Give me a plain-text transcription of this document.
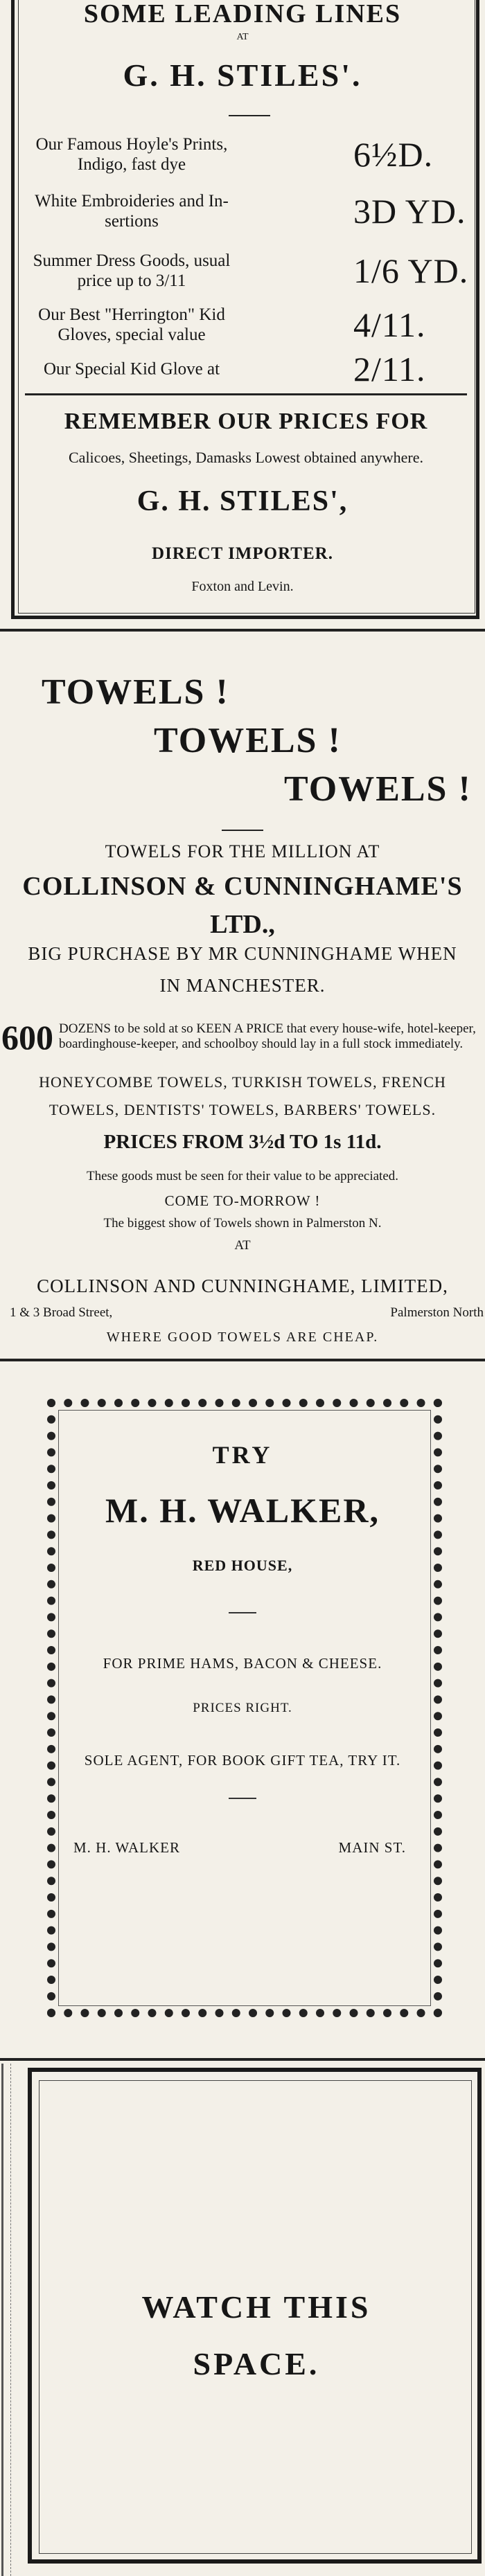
SOME LEADING LINES
AT
G. H. STILES'.
Our Famous Hoyle's Prints, Indigo, fast dye	6½D.
White Embroideries and In-sertions	3D YD.
Summer Dress Goods, usual price up to 3/11	1/6 YD.
Our Best "Herrington" Kid Gloves, special value	4/11.
Our Special Kid Glove at	2/11.
REMEMBER OUR PRICES FOR
Calicoes, Sheetings, Damasks Lowest obtained anywhere.
G. H. STILES',
DIRECT IMPORTER.
Foxton and Levin.
TOWELS !
TOWELS !
TOWELS !
TOWELS FOR THE MILLION AT
COLLINSON & CUNNINGHAME'S
LTD.,
BIG PURCHASE BY MR CUNNINGHAME WHEN
IN MANCHESTER.
600 DOZENS to be sold at so KEEN A PRICE that every house-wife, hotel-keeper, boardinghouse-keeper, and schoolboy should lay in a full stock immediately.
HONEYCOMBE TOWELS, TURKISH TOWELS, FRENCH
TOWELS, DENTISTS' TOWELS, BARBERS' TOWELS.
PRICES FROM 3½d TO 1s 11d.
These goods must be seen for their value to be appreciated.
COME TO-MORROW !
The biggest show of Towels shown in Palmerston N.
AT
COLLINSON AND CUNNINGHAME, LIMITED,
1 & 3 Broad Street,	Palmerston North
WHERE GOOD TOWELS ARE CHEAP.
TRY
M. H. WALKER,
RED HOUSE,
FOR PRIME HAMS, BACON & CHEESE.
PRICES RIGHT.
SOLE AGENT, FOR BOOK GIFT TEA, TRY IT.
M. H. WALKER	MAIN ST.
WATCH THIS
SPACE.
